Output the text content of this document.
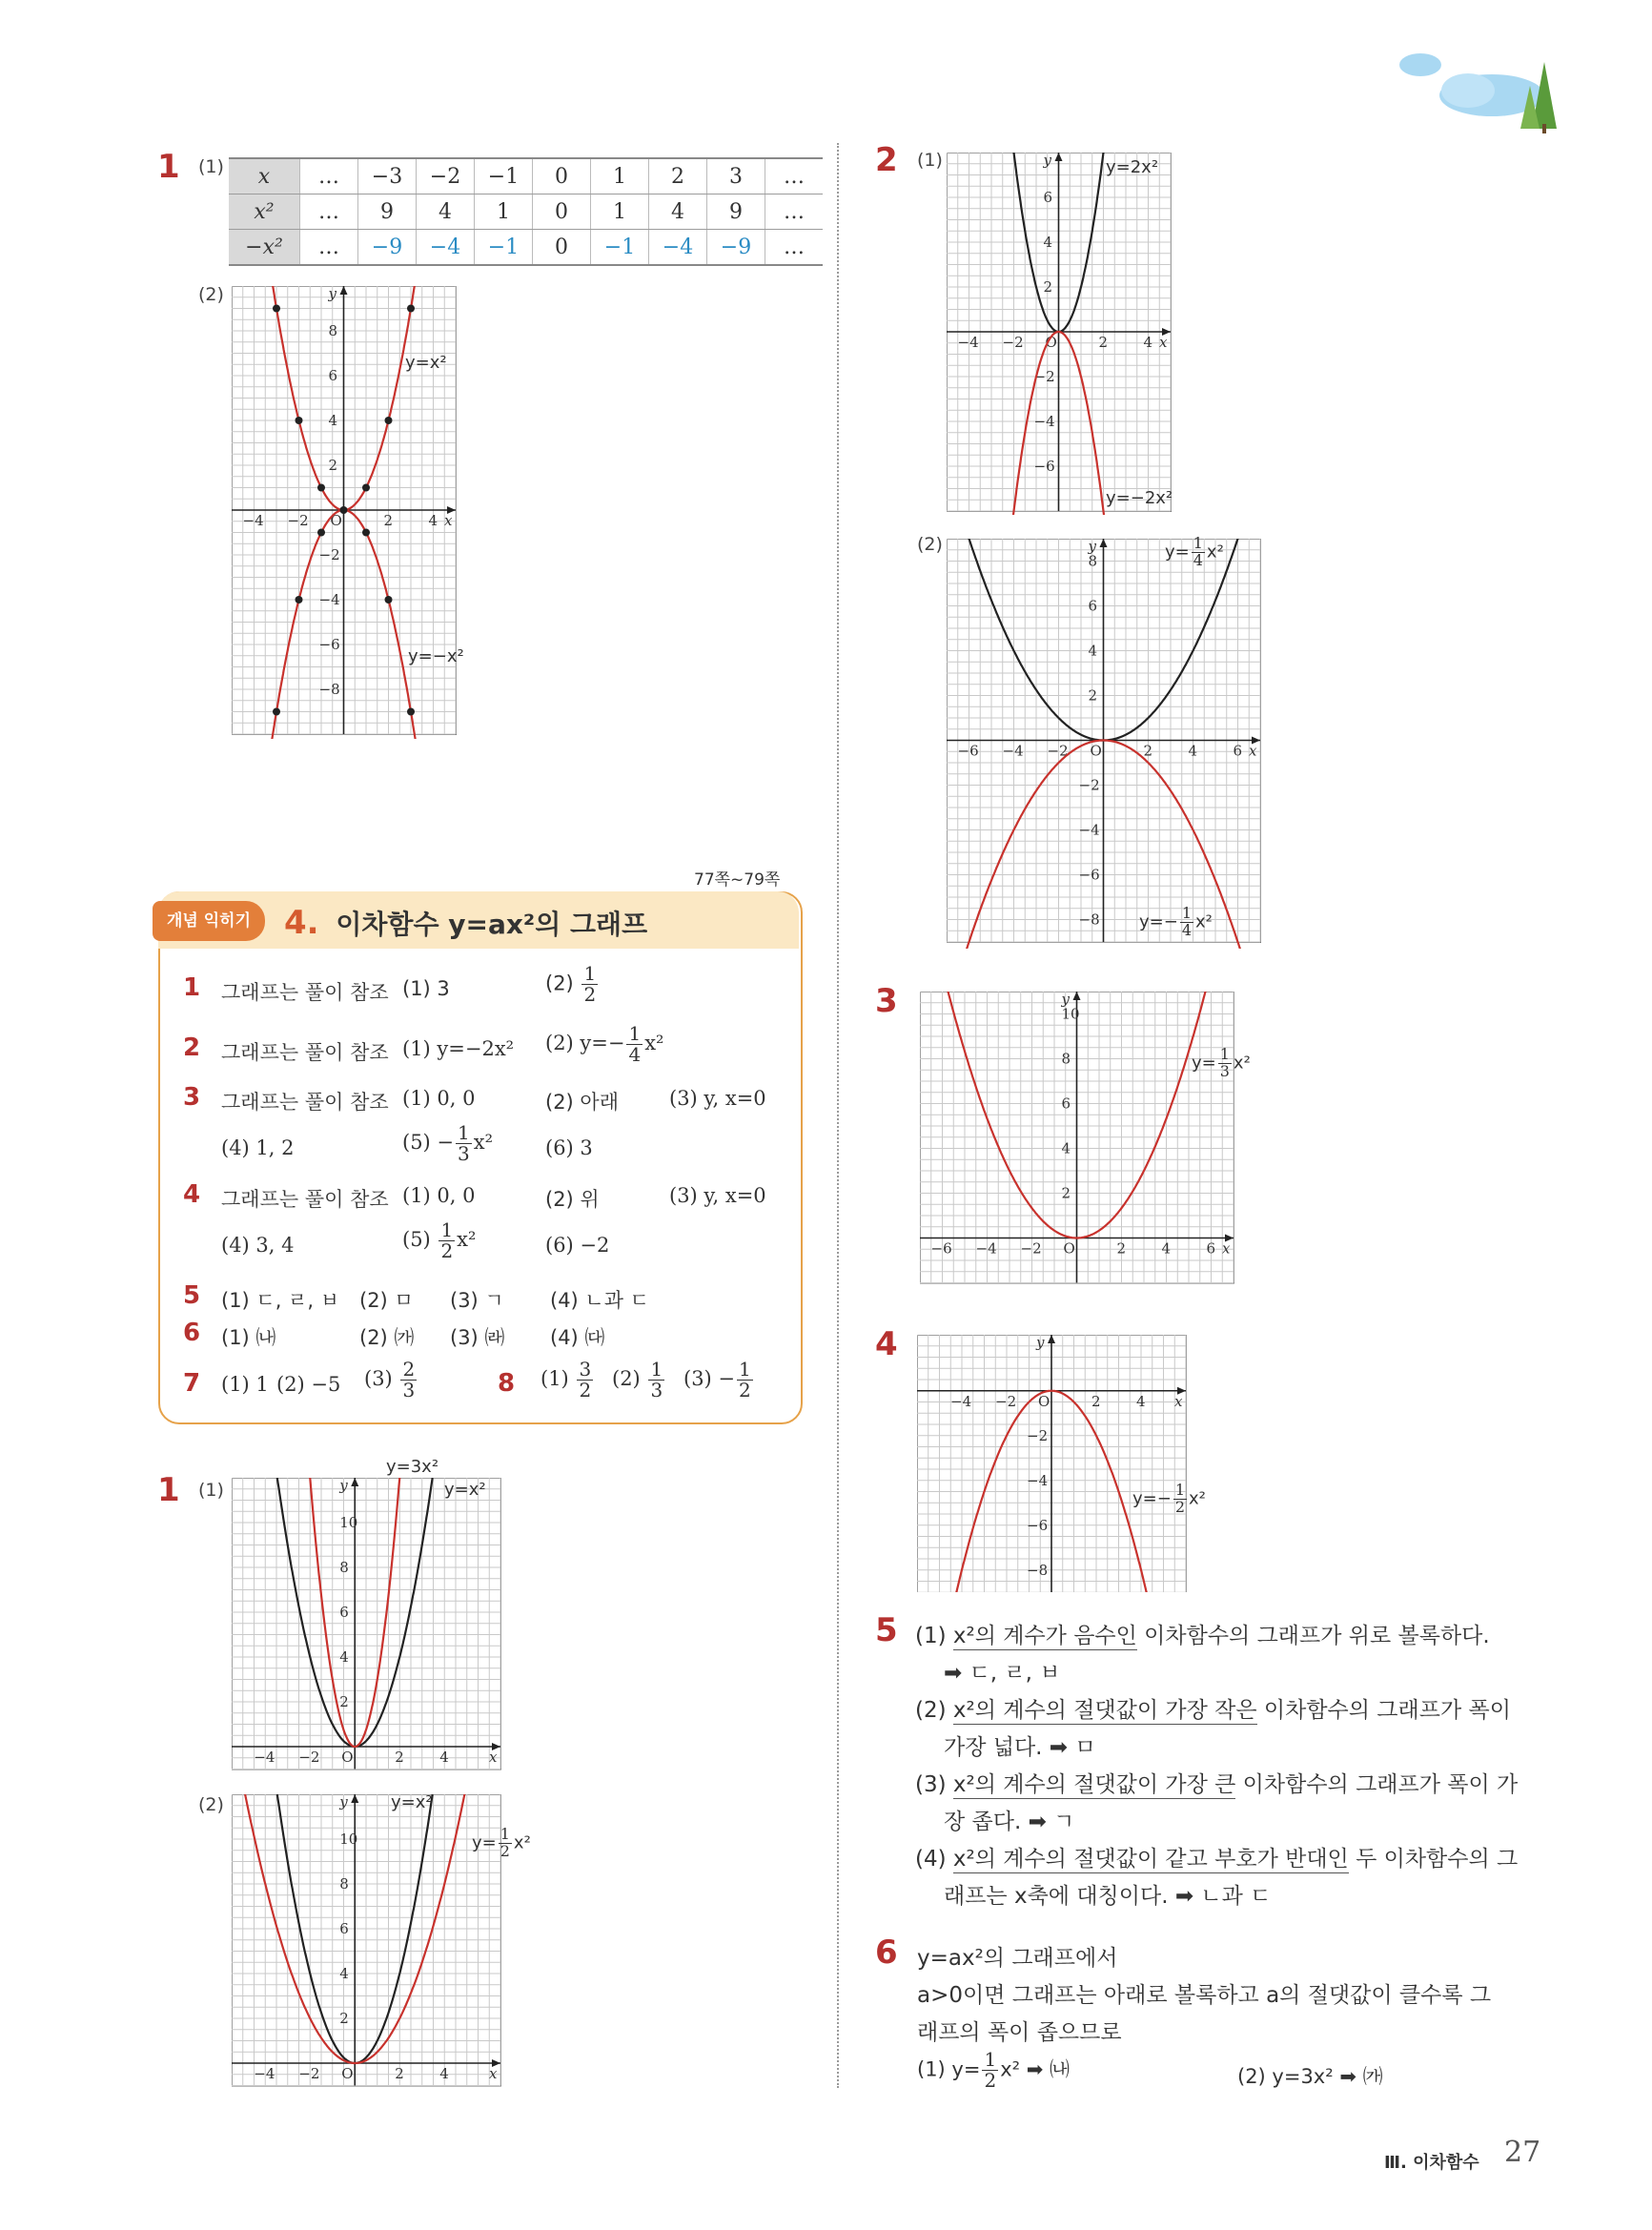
1 (1) x	…	−3	−2	−1	0	1	2	3	…
x²	…	9	4	1	0	1	4	9	…
−x²	…	−9	−4	−1	0	−1	−4	−9	…
(2)
−4 −2	2 4
8
6
4
2
−2
−4
−6
−8
O	x
y
y=x²
y=−x²
77쪽~79쪽
개념 익히기	4. 이차함수 y=ax²의 그래프
1 그래프는 풀이 참조 (1) 3	$(2) \frac{1}{2}$
2 그래프는 풀이 참조 (1) y=−2x² (2) $y=- \frac{1}{4} x^2$
3 그래프는 풀이 참조 (1) 0, 0	(2) 아래	(3) y, x=0
(4) 1, 2	$(5) - \frac{1}{3} x^2$	(6) 3
4 그래프는 풀이 참조 (1) 0, 0	(2) 위	(3) y, x=0
(4) 3, 4	$(5) \frac{1}{2} x^2$	(6) −2
5 (1) ㄷ, ㄹ, ㅂ (2) ㅁ (3) ㄱ (4) ㄴ과 ㄷ
6 (1) ㈏	(2) ㈎ (3) ㈑ (4) ㈐
7 (1) 1 (2) −5 $(3) \frac{2}{3}$	8 $(1) \frac{3}{2} (2) \frac{1}{3} (3) - \frac{1}{2}$
1 (1)
−4 −2	2 4
10
8
6
4
2
O	x
y
y=3x²
y=x²
(2)
−4 −2	2 4
10
8
6
4
2
O	x
y	y=x²
$y= \frac{1}{2} x^2$
2 (1)
−4 −2	2 4
6
4
2
−2
−4
−6
O	x
y	y=2x²
y=−2x²
(2)
−6 −4 −2	2 4 6
8
6
4
2
−2
−4
−6
−8
O	x
y	$y= \frac{1}{4} x^2$
$y=- \frac{1}{4} x^2$
3
−6 −4 −2	2 4 6
10
8
6
4
2
O	x
y
$y= \frac{1}{3} x^2$
4
−4 −2	2 4
−2
−4
−6
−8
O	x
y
$y=- \frac{1}{2} x^2$
5 (1) x²의 계수가 음수인 이차함수의 그래프가 위로 볼록하다.
➡ ㄷ, ㄹ, ㅂ
(2) x²의 계수의 절댓값이 가장 작은 이차함수의 그래프가 폭이
가장 넓다. ➡ ㅁ
(3) x²의 계수의 절댓값이 가장 큰 이차함수의 그래프가 폭이 가
장 좁다. ➡ ㄱ
(4) x²의 계수의 절댓값이 같고 부호가 반대인 두 이차함수의 그
래프는 x축에 대칭이다. ➡ ㄴ과 ㄷ
6 y=ax²의 그래프에서
a>0이면 그래프는 아래로 볼록하고 a의 절댓값이 클수록 그
래프의 폭이 좁으므로
(1) $y= \frac{1}{2} x^2$ ➡ ㈏	(2) y=3x² ➡ ㈎
Ⅲ. 이차함수 27
